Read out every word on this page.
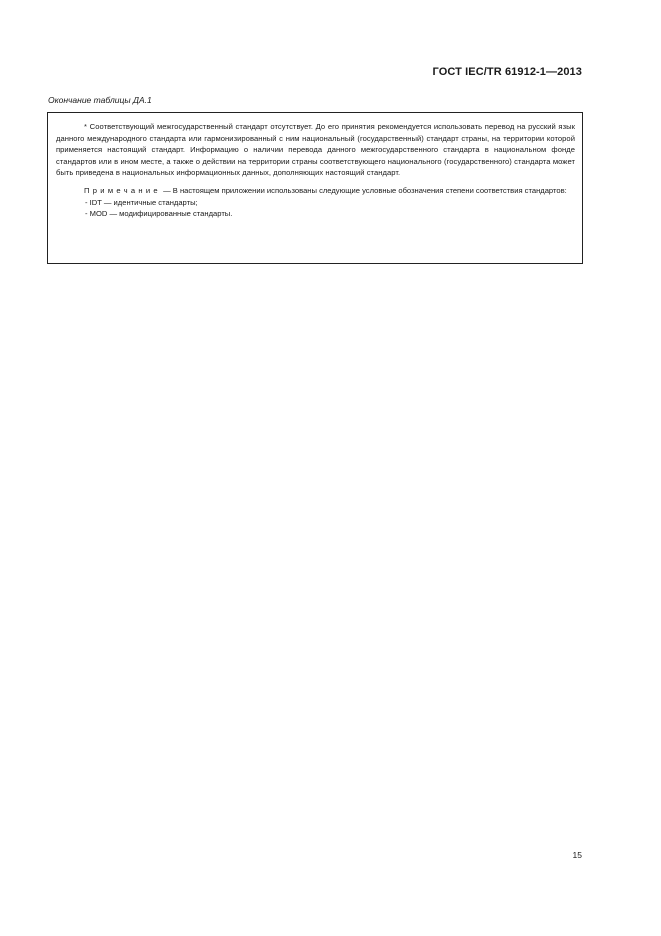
ГОСТ IEC/TR 61912-1—2013
Окончание таблицы ДА.1

* Соответствующий межгосударственный стандарт отсутствует. До его принятия рекомендуется использовать перевод на русский язык данного международного стандарта или гармонизированный с ним национальный (государственный) стандарт страны, на территории которой применяется настоящий стандарт. Информацию о наличии перевода данного межгосударственного стандарта в национальном фонде стандартов или в ином месте, а также о действии на территории страны соответствующего национального (государственного) стандарта может быть приведена в национальных информационных данных, дополняющих настоящий стандарт.

Примечание — В настоящем приложении использованы следующие условные обозначения степени соответствия стандартов:

- IDT — идентичные стандарты;
- MOD — модифицированные стандарты.
15
